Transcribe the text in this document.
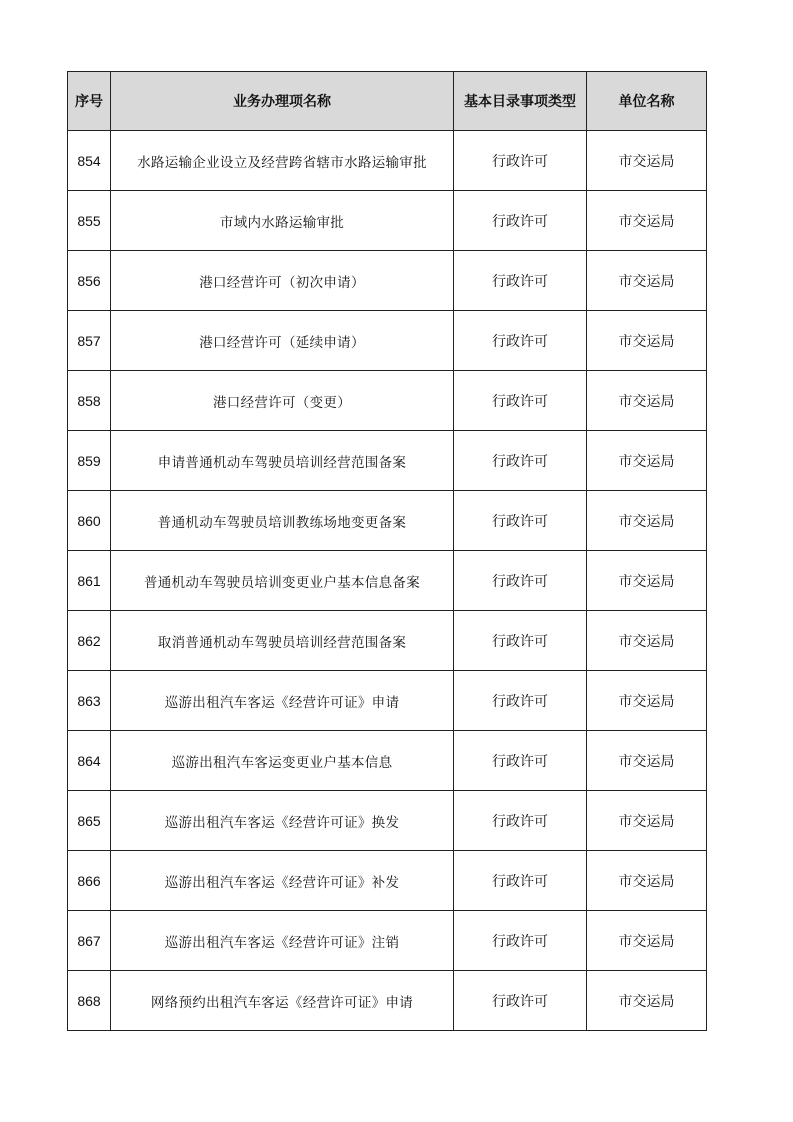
序号	业务办理项名称	基本目录事项类型	单位名称
854	水路运输企业设立及经营跨省辖市水路运输审批	行政许可	市交运局
855	市域内水路运输审批	行政许可	市交运局
856	港口经营许可（初次申请）	行政许可	市交运局
857	港口经营许可（延续申请）	行政许可	市交运局
858	港口经营许可（变更）	行政许可	市交运局
859	申请普通机动车驾驶员培训经营范围备案	行政许可	市交运局
860	普通机动车驾驶员培训教练场地变更备案	行政许可	市交运局
861	普通机动车驾驶员培训变更业户基本信息备案	行政许可	市交运局
862	取消普通机动车驾驶员培训经营范围备案	行政许可	市交运局
863	巡游出租汽车客运《经营许可证》申请	行政许可	市交运局
864	巡游出租汽车客运变更业户基本信息	行政许可	市交运局
865	巡游出租汽车客运《经营许可证》换发	行政许可	市交运局
866	巡游出租汽车客运《经营许可证》补发	行政许可	市交运局
867	巡游出租汽车客运《经营许可证》注销	行政许可	市交运局
868	网络预约出租汽车客运《经营许可证》申请	行政许可	市交运局
